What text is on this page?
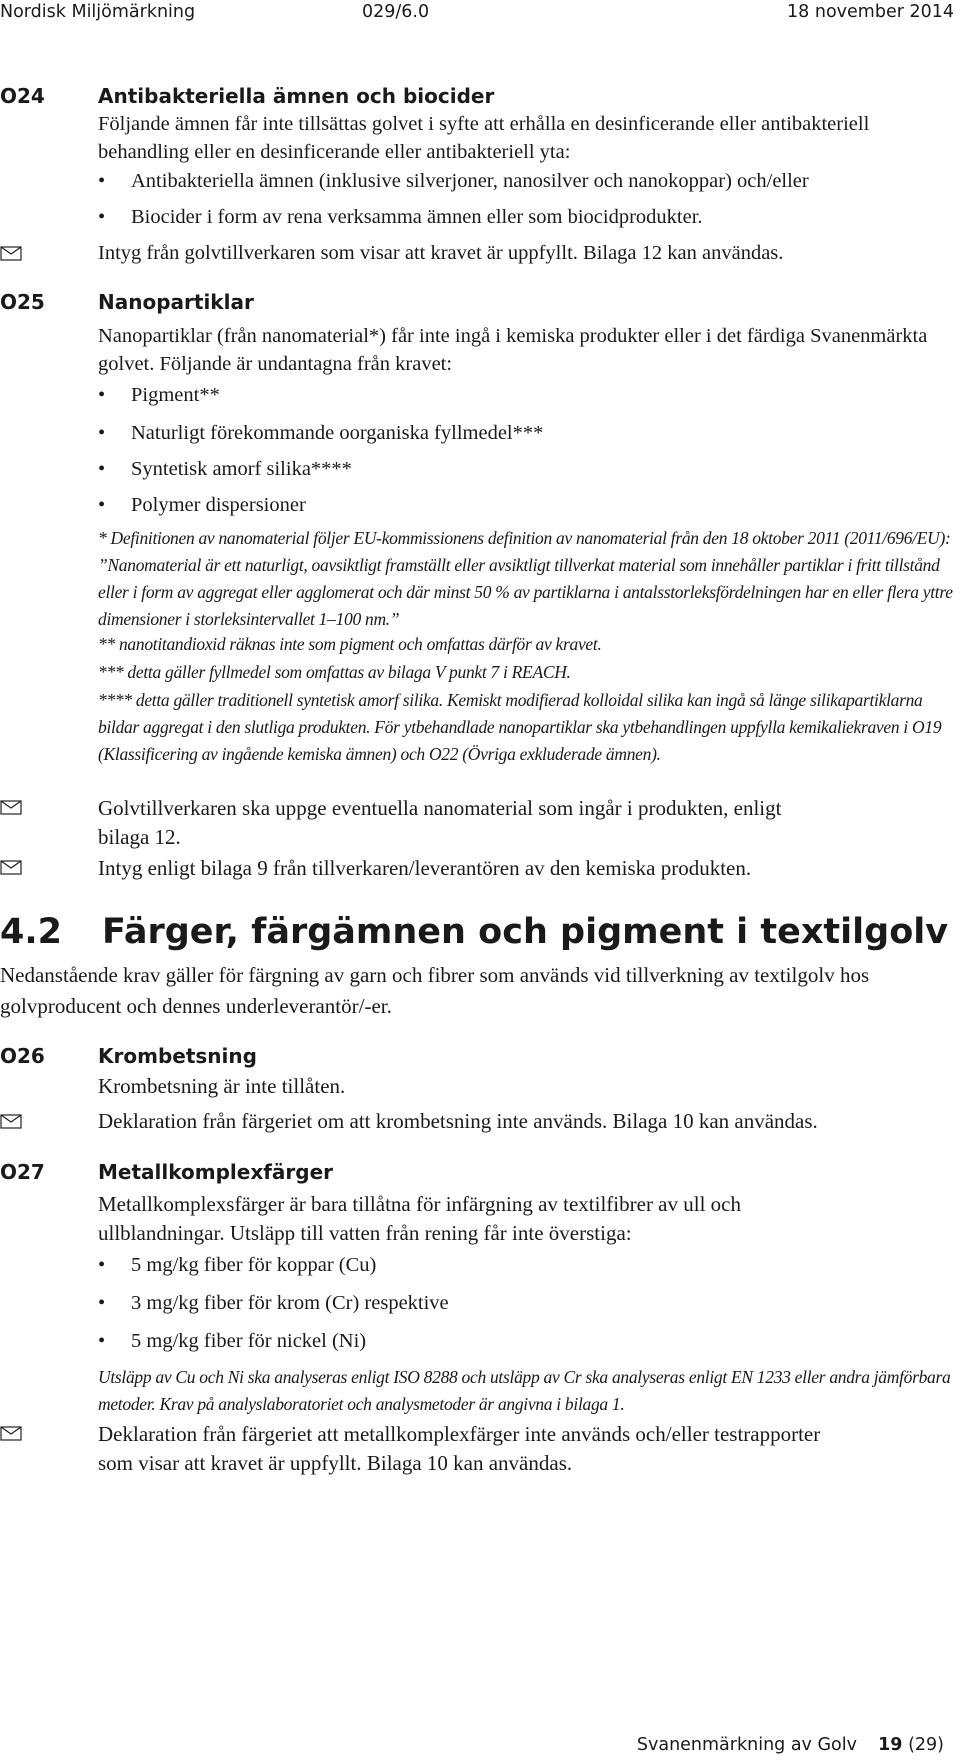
Nordisk Miljömärkning	029/6.0	18 november 2014
O24	Antibakteriella ämnen och biocider
Följande ämnen får inte tillsättas golvet i syfte att erhålla en desinficerande eller antibakteriell behandling eller en desinficerande eller antibakteriell yta:
• Antibakteriella ämnen (inklusive silverjoner, nanosilver och nanokoppar) och/eller
• Biocider i form av rena verksamma ämnen eller som biocidprodukter.
Intyg från golvtillverkaren som visar att kravet är uppfyllt. Bilaga 12 kan användas.
O25	Nanopartiklar
Nanopartiklar (från nanomaterial*) får inte ingå i kemiska produkter eller i det färdiga Svanenmärkta golvet. Följande är undantagna från kravet:
• Pigment**
• Naturligt förekommande oorganiska fyllmedel***
• Syntetisk amorf silika****
• Polymer dispersioner
* Definitionen av nanomaterial följer EU-kommissionens definition av nanomaterial från den 18 oktober 2011 (2011/696/EU): ”Nanomaterial är ett naturligt, oavsiktligt framställt eller avsiktligt tillverkat material som innehåller partiklar i fritt tillstånd eller i form av aggregat eller agglomerat och där minst 50 % av partiklarna i antalsstorleksfördelningen har en eller flera yttre dimensioner i storleksintervallet 1–100 nm.”
** nanotitandioxid räknas inte som pigment och omfattas därför av kravet.
*** detta gäller fyllmedel som omfattas av bilaga V punkt 7 i REACH.
**** detta gäller traditionell syntetisk amorf silika. Kemiskt modifierad kolloidal silika kan ingå så länge silikapartiklarna bildar aggregat i den slutliga produkten. För ytbehandlade nanopartiklar ska ytbehandlingen uppfylla kemikaliekraven i O19 (Klassificering av ingående kemiska ämnen) och O22 (Övriga exkluderade ämnen).
Golvtillverkaren ska uppge eventuella nanomaterial som ingår i produkten, enligt bilaga 12.
Intyg enligt bilaga 9 från tillverkaren/leverantören av den kemiska produkten.
4.2 Färger, färgämnen och pigment i textilgolv
Nedanstående krav gäller för färgning av garn och fibrer som används vid tillverkning av textilgolv hos golvproducent och dennes underleverantör/-er.
O26	Krombetsning
Krombetsning är inte tillåten.
Deklaration från färgeriet om att krombetsning inte används. Bilaga 10 kan användas.
O27	Metallkomplexfärger
Metallkomplexsfärger är bara tillåtna för infärgning av textilfibrer av ull och ullblandningar. Utsläpp till vatten från rening får inte överstiga:
• 5 mg/kg fiber för koppar (Cu)
• 3 mg/kg fiber för krom (Cr) respektive
• 5 mg/kg fiber för nickel (Ni)
Utsläpp av Cu och Ni ska analyseras enligt ISO 8288 och utsläpp av Cr ska analyseras enligt EN 1233 eller andra jämförbara metoder. Krav på analyslaboratoriet och analysmetoder är angivna i bilaga 1.
Deklaration från färgeriet att metallkomplexfärger inte används och/eller testrapporter som visar att kravet är uppfyllt. Bilaga 10 kan användas.
Svanenmärkning av Golv 19 (29)
